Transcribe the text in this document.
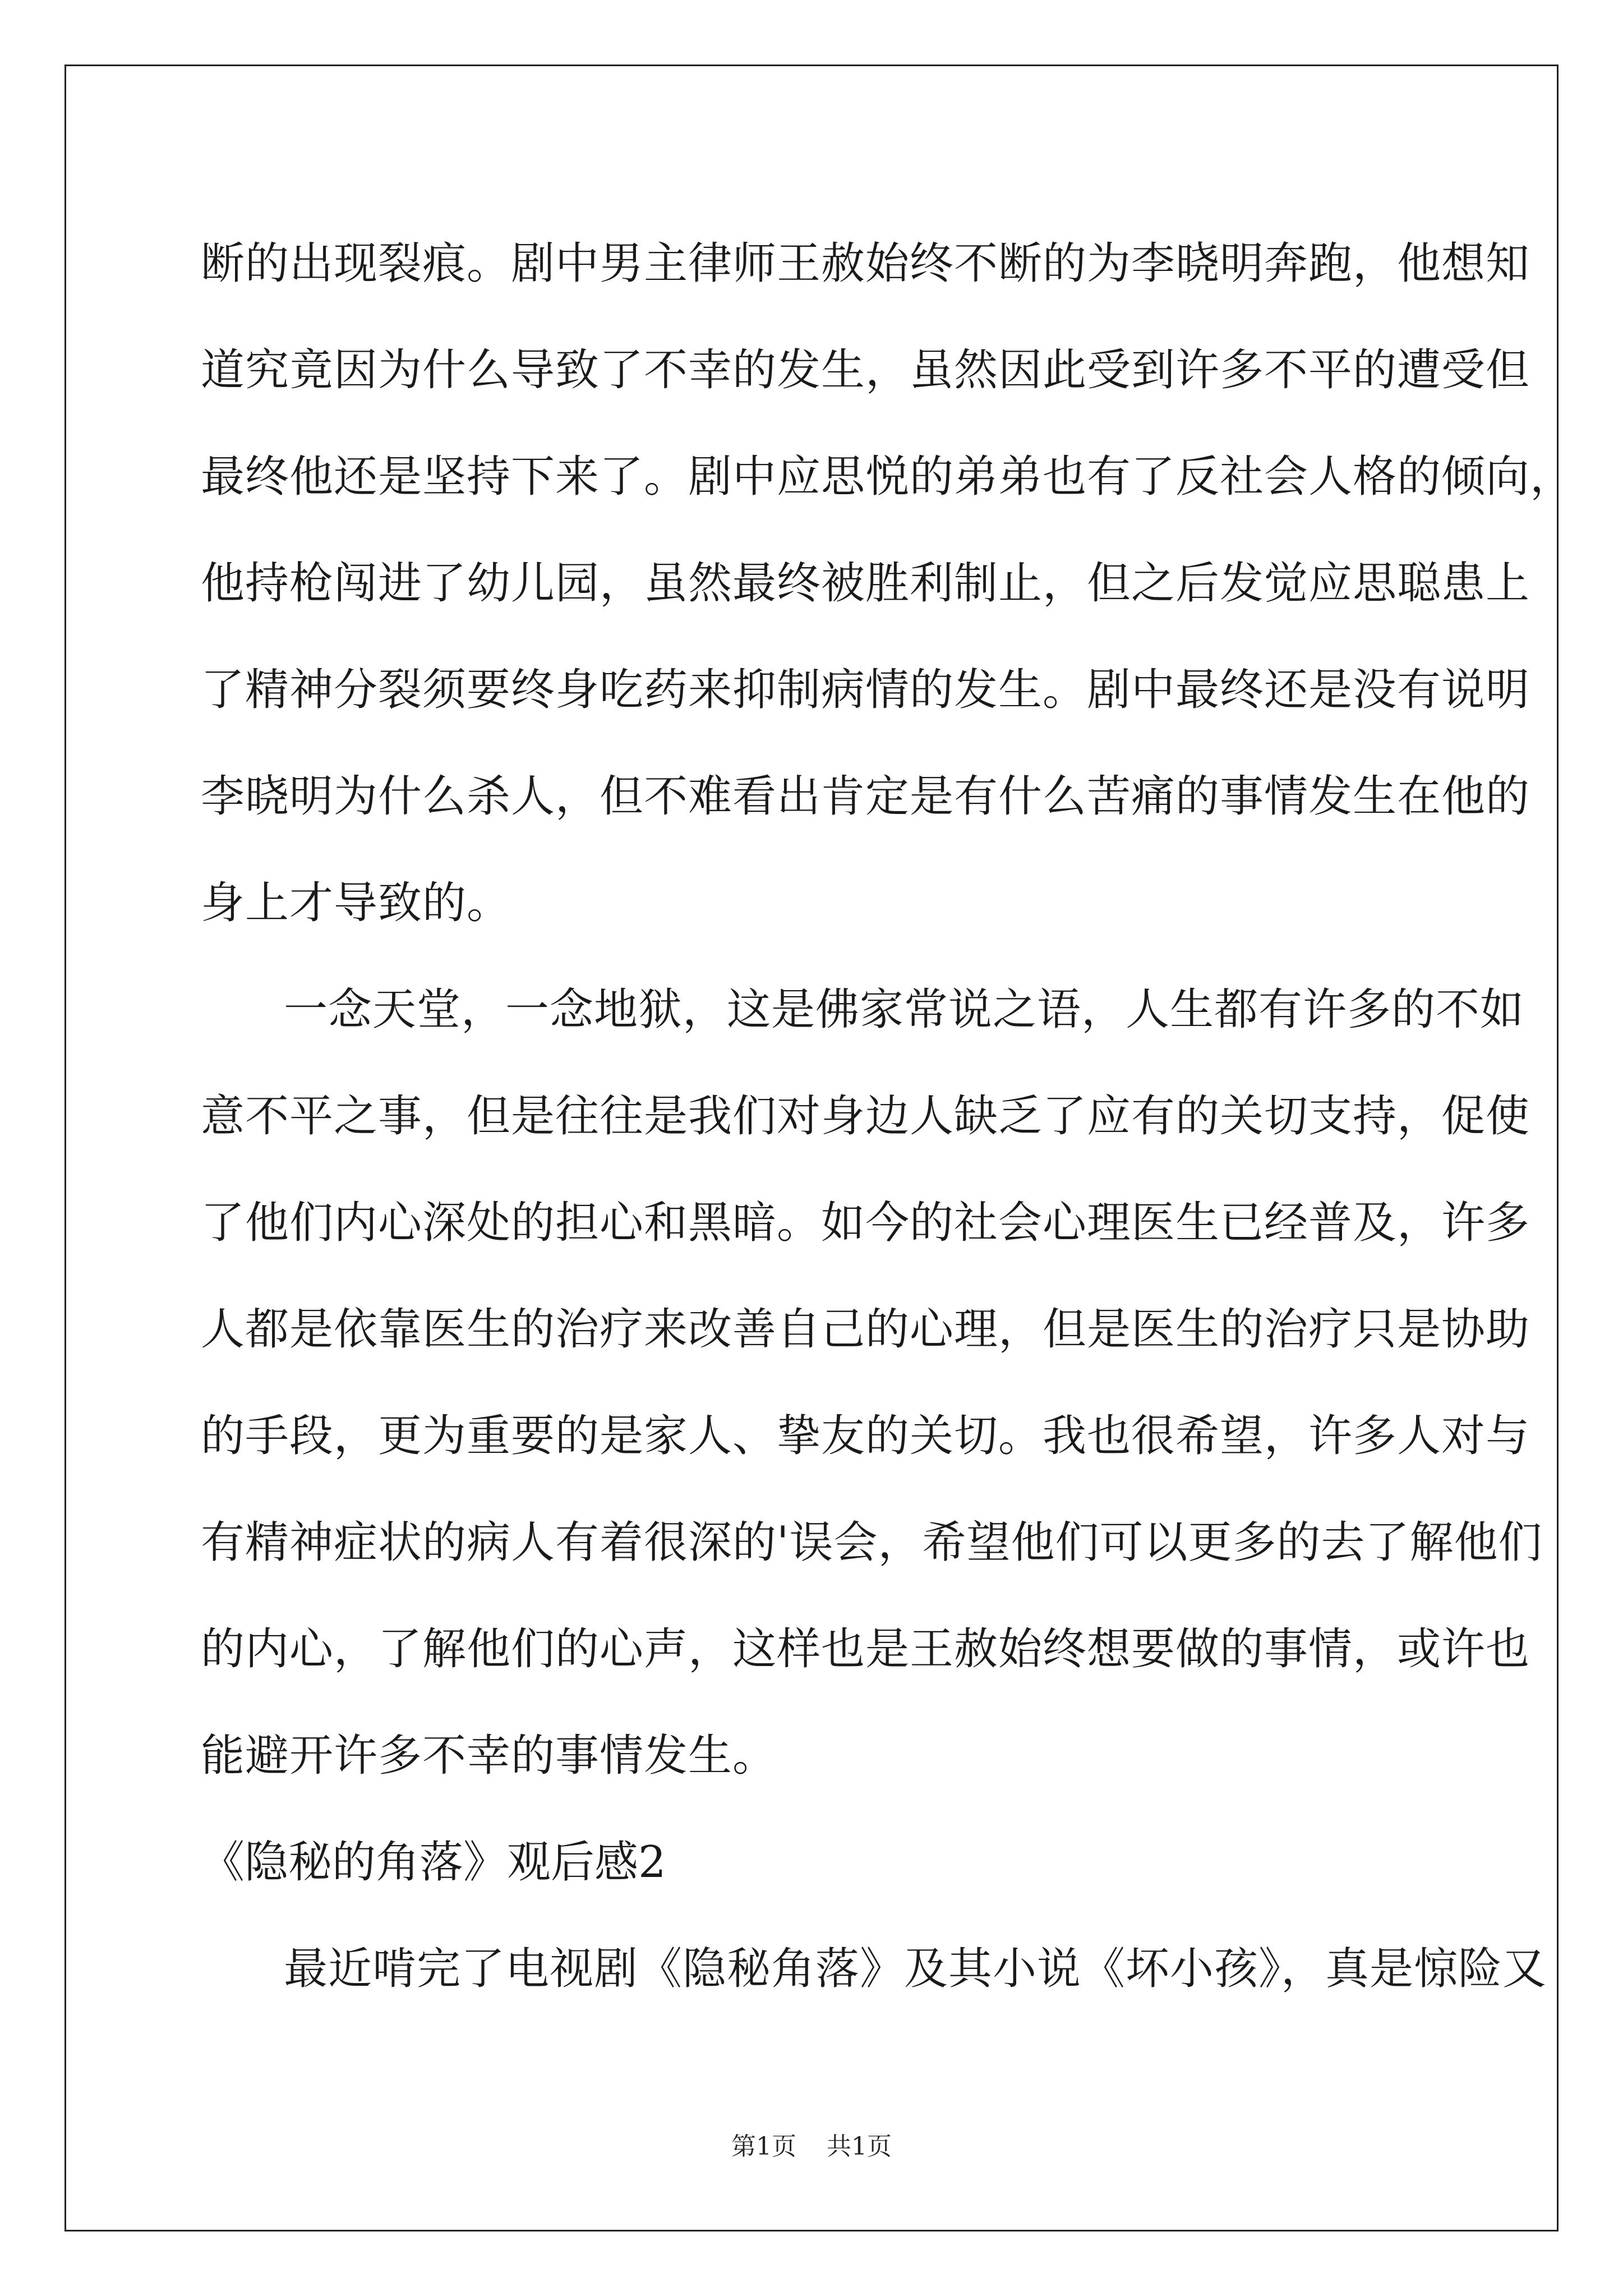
断的出现裂痕。剧中男主律师王赦始终不断的为李晓明奔跑，他想知
道究竟因为什么导致了不幸的发生，虽然因此受到许多不平的遭受但
最终他还是坚持下来了。剧中应思悦的弟弟也有了反社会人格的倾向，
他持枪闯进了幼儿园，虽然最终被胜利制止，但之后发觉应思聪患上
了精神分裂须要终身吃药来抑制病情的发生。剧中最终还是没有说明
李晓明为什么杀人，但不难看出肯定是有什么苦痛的事情发生在他的
身上才导致的。
一念天堂，一念地狱，这是佛家常说之语，人生都有许多的不如
意不平之事，但是往往是我们对身边人缺乏了应有的关切支持，促使
了他们内心深处的担心和黑暗。如今的社会心理医生已经普及，许多
人都是依靠医生的治疗来改善自己的心理，但是医生的治疗只是协助
的手段，更为重要的是家人、挚友的关切。我也很希望，许多人对与
有精神症状的病人有着很深的'误会，希望他们可以更多的去了解他们
的内心，了解他们的心声，这样也是王赦始终想要做的事情，或许也
能避开许多不幸的事情发生。
《隐秘的角落》观后感2
最近啃完了电视剧《隐秘角落》及其小说《坏小孩》，真是惊险又
第1页 共1页
